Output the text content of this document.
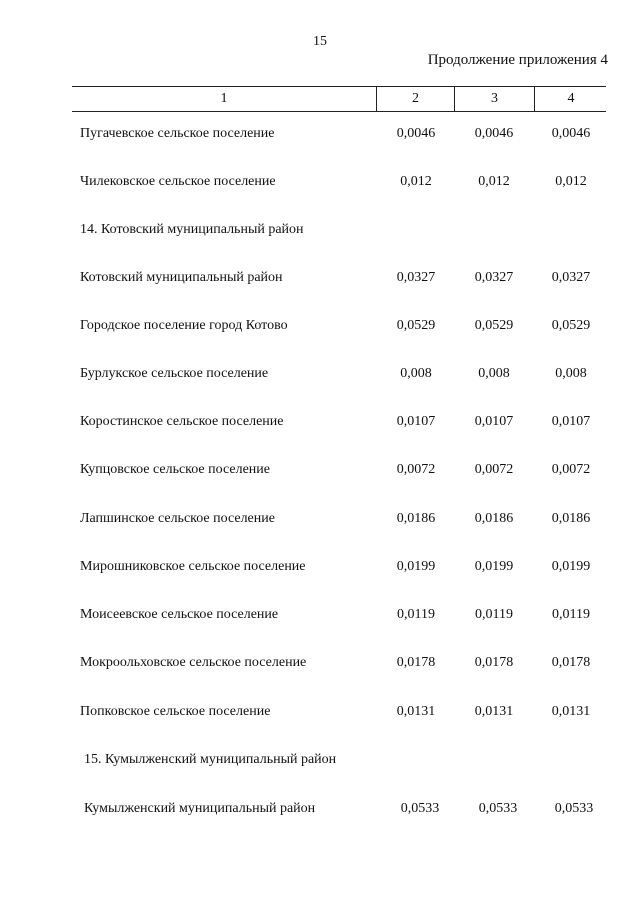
15
Продолжение приложения 4
1	2	3	4
Пугачевское сельское поселение	0,0046	0,0046	0,0046
Чилековское сельское поселение	0,012	0,012	0,012
14. Котовский муниципальный район
Котовский муниципальный район	0,0327	0,0327	0,0327
Городское поселение город Котово	0,0529	0,0529	0,0529
Бурлукское сельское поселение	0,008	0,008	0,008
Коростинское сельское поселение	0,0107	0,0107	0,0107
Купцовское сельское поселение	0,0072	0,0072	0,0072
Лапшинское сельское поселение	0,0186	0,0186	0,0186
Мирошниковское сельское поселение	0,0199	0,0199	0,0199
Моисеевское сельское поселение	0,0119	0,0119	0,0119
Мокроольховское сельское поселение	0,0178	0,0178	0,0178
Попковское сельское поселение	0,0131	0,0131	0,0131
15. Кумылженский муниципальный район
Кумылженский муниципальный район	0,0533	0,0533	0,0533
